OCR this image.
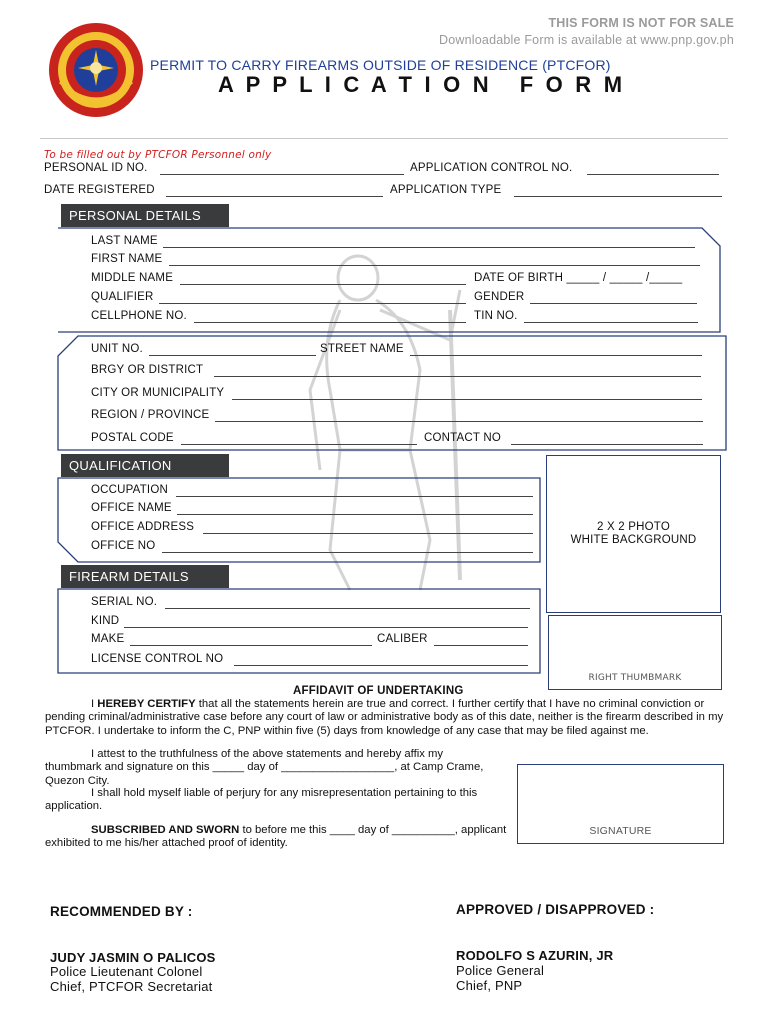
THIS FORM IS NOT FOR SALE
Downloadable Form is available at www.pnp.gov.ph
PERMIT TO CARRY FIREARMS OUTSIDE OF RESIDENCE (PTCFOR)
A P P L I C A T I O N   F O R M
To be filled out by PTCFOR Personnel only
PERSONAL ID NO.	APPLICATION CONTROL NO.
DATE REGISTERED	APPLICATION TYPE
PERSONAL DETAILS
LAST NAME
FIRST NAME
MIDDLE NAME	DATE OF BIRTH _____ / _____ /_____
QUALIFIER	GENDER
CELLPHONE NO.	TIN NO.
UNIT NO.	STREET NAME
BRGY OR DISTRICT
CITY OR MUNICIPALITY
REGION / PROVINCE
POSTAL CODE	CONTACT NO
QUALIFICATION
OCCUPATION
OFFICE NAME
OFFICE ADDRESS
OFFICE NO
2 X 2 PHOTO
WHITE BACKGROUND
FIREARM DETAILS
SERIAL NO.
KIND
MAKE	CALIBER
LICENSE CONTROL NO
RIGHT THUMBMARK
AFFIDAVIT OF UNDERTAKING
I HEREBY CERTIFY that all the statements herein are true and correct. I further certify that I have no criminal conviction or pending criminal/administrative case before any court of law or administrative body as of this date, neither is the firearm described in my PTCFOR. I undertake to inform the C, PNP within five (5) days from knowledge of any case that may be filed against me.
I attest to the truthfulness of the above statements and hereby affix my thumbmark and signature on this _____ day of __________________, at Camp Crame, Quezon City.
I shall hold myself liable of perjury for any misrepresentation pertaining to this application.
SUBSCRIBED AND SWORN to before me this ____ day of __________, applicant exhibited to me his/her attached proof of identity.
SIGNATURE
RECOMMENDED BY :
JUDY JASMIN O PALICOS
Police Lieutenant Colonel
Chief, PTCFOR Secretariat
APPROVED / DISAPPROVED :
RODOLFO S AZURIN, JR
Police General
Chief, PNP
